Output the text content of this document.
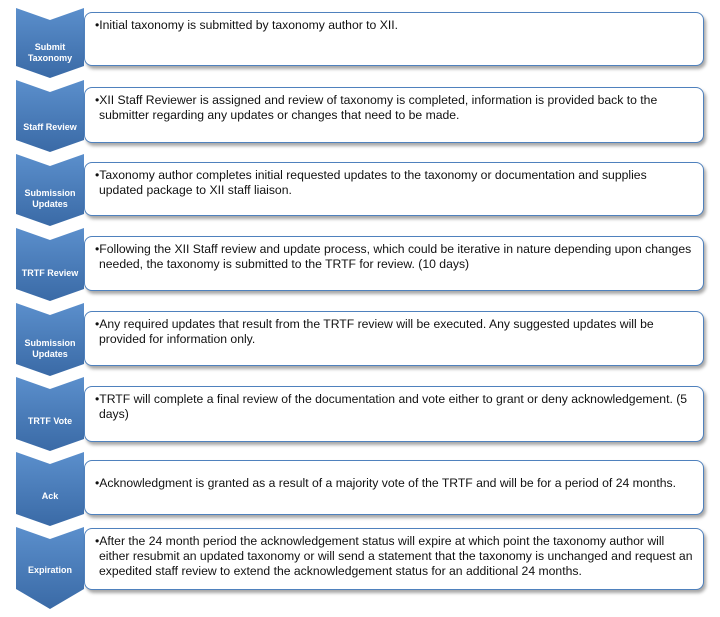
Submit Taxonomy
•Initial taxonomy is submitted by taxonomy author to XII.
Staff Review
•XII Staff Reviewer is assigned and review of taxonomy is completed, information is provided back to the submitter regarding any updates or changes that need to be made.
Submission Updates
•Taxonomy author completes initial requested updates to the taxonomy or documentation and supplies updated package to XII staff liaison.
TRTF Review
•Following the XII Staff review and update process, which could be iterative in nature depending upon changes needed, the taxonomy is submitted to the TRTF for review. (10 days)
Submission Updates
•Any required updates that result from the TRTF review will be executed. Any suggested updates will be provided for information only.
TRTF Vote
•TRTF will complete a final review of the documentation and vote either to grant or deny acknowledgement. (5 days)
Ack
•Acknowledgment is granted as a result of a majority vote of the TRTF and will be for a period of 24 months.
Expiration
•After the 24 month period the acknowledgement status will expire at which point the taxonomy author will either resubmit an updated taxonomy or will send a statement that the taxonomy is unchanged and request an expedited staff review to extend the acknowledgement status for an additional 24 months.
